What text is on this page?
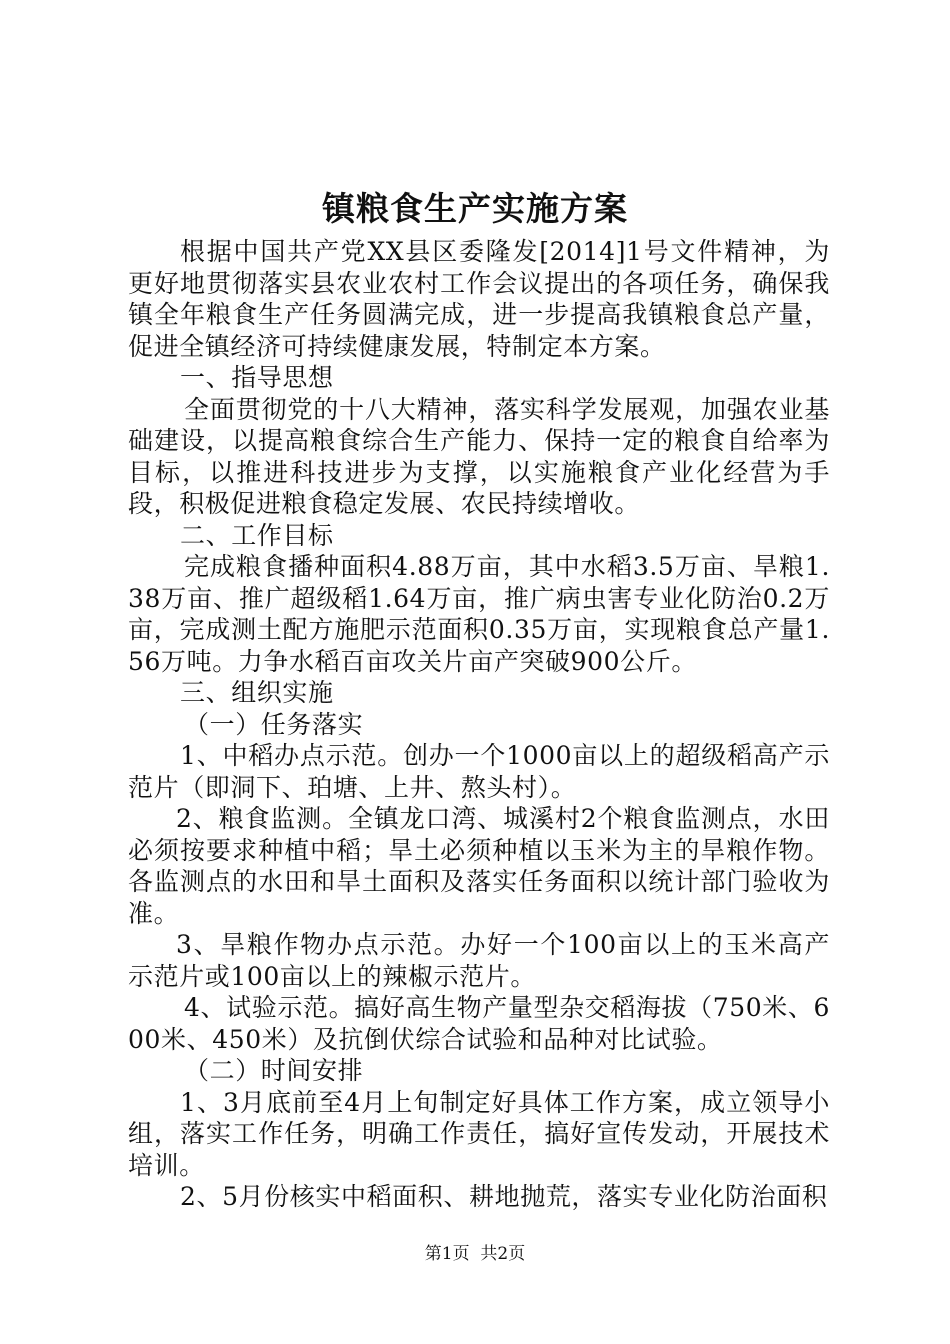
镇粮食生产实施方案

根据中国共产党XX县区委隆发[2014]1号文件精神，为更好地贯彻落实县农业农村工作会议提出的各项任务，确保我镇全年粮食生产任务圆满完成，进一步提高我镇粮食总产量，促进全镇经济可持续健康发展，特制定本方案。

一、指导思想

全面贯彻党的十八大精神，落实科学发展观，加强农业基础建设，以提高粮食综合生产能力、保持一定的粮食自给率为目标，以推进科技进步为支撑，以实施粮食产业化经营为手段，积极促进粮食稳定发展、农民持续增收。

二、工作目标

完成粮食播种面积4.88万亩，其中水稻3.5万亩、旱粮1.38万亩、推广超级稻1.64万亩，推广病虫害专业化防治0.2万亩，完成测土配方施肥示范面积0.35万亩，实现粮食总产量1.56万吨。力争水稻百亩攻关片亩产突破900公斤。

三、组织实施

（一）任务落实

1、中稻办点示范。创办一个1000亩以上的超级稻高产示范片（即洞下、珀塘、上井、熬头村）。

2、粮食监测。全镇龙口湾、城溪村2个粮食监测点，水田必须按要求种植中稻；旱土必须种植以玉米为主的旱粮作物。各监测点的水田和旱土面积及落实任务面积以统计部门验收为准。

3、旱粮作物办点示范。办好一个100亩以上的玉米高产示范片或100亩以上的辣椒示范片。

4、试验示范。搞好高生物产量型杂交稻海拔（750米、600米、450米）及抗倒伏综合试验和品种对比试验。

（二）时间安排

1、3月底前至4月上旬制定好具体工作方案，成立领导小组，落实工作任务，明确工作责任，搞好宣传发动，开展技术培训。

2、5月份核实中稻面积、耕地抛荒，落实专业化防治面积

第1页  共2页
